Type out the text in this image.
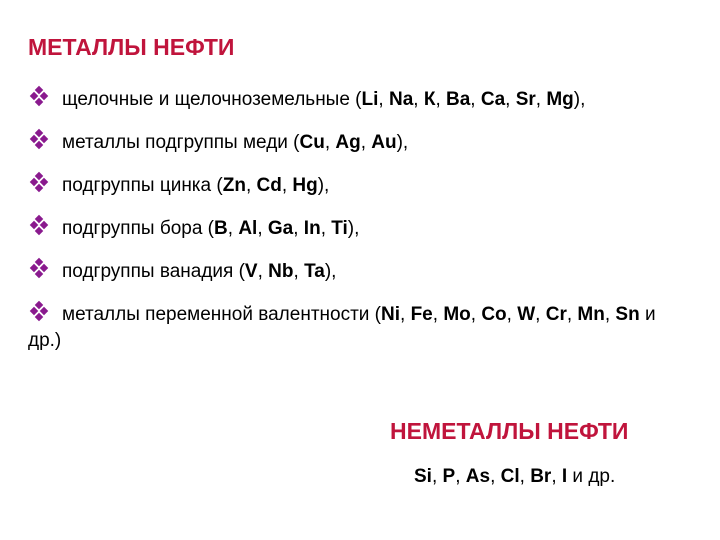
МЕТАЛЛЫ НЕФТИ
щелочные и щелочноземельные (Li, Na, К, Ba, Ca, Sr, Mg),
металлы подгруппы меди (Cu, Ag, Au),
подгруппы цинка (Zn, Cd, Hg),
подгруппы бора (B, Al, Ga, In, Ti),
подгруппы ванадия (V, Nb, Ta),
металлы переменной валентности (Ni, Fe, Mo, Co, W, Cr, Mn, Sn и др.)
НЕМЕТАЛЛЫ НЕФТИ
Si, P, As, Cl, Br, I и др.
